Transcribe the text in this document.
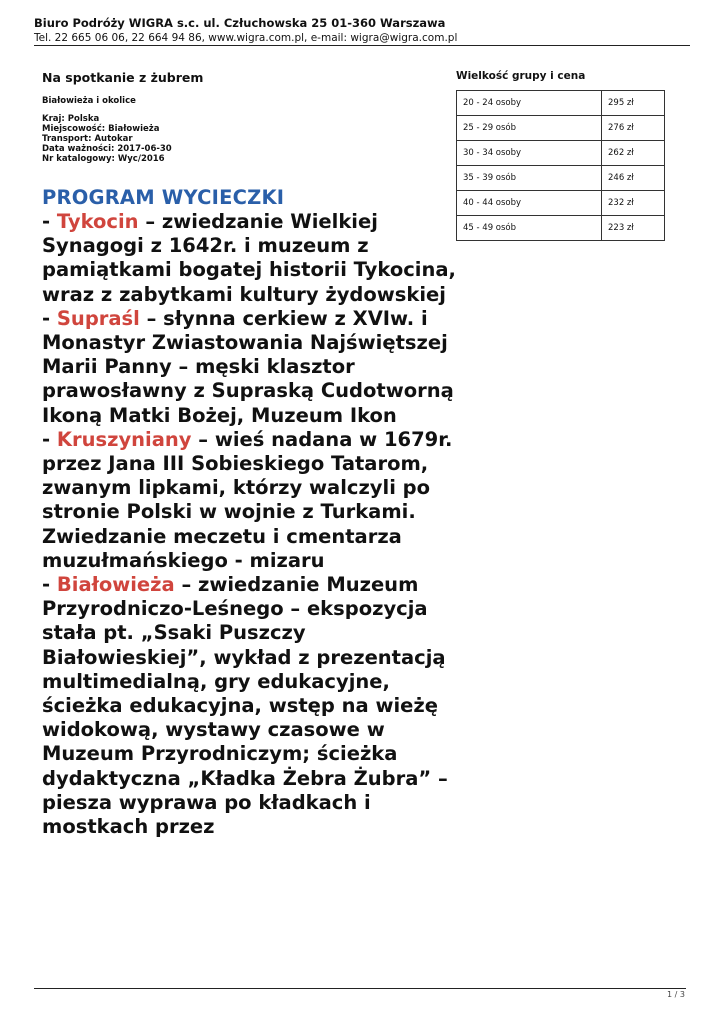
Biuro Podróży WIGRA s.c. ul. Człuchowska 25 01-360 Warszawa
Tel. 22 665 06 06, 22 664 94 86, www.wigra.com.pl, e-mail: wigra@wigra.com.pl
Na spotkanie z żubrem
Białowieża i okolice
Kraj: Polska
Miejscowość: Białowieża
Transport: Autokar
Data ważności: 2017-06-30
Nr katalogowy: Wyc/2016
PROGRAM WYCIECZKI
- Tykocin – zwiedzanie Wielkiej Synagogi z 1642r. i muzeum z pamiątkami bogatej historii Tykocina, wraz z zabytkami kultury żydowskiej
- Supraśl – słynna cerkiew z XVIw. i Monastyr Zwiastowania Najświętszej Marii Panny – męski klasztor prawosławny z Supraską Cudotworną Ikoną Matki Bożej, Muzeum Ikon
- Kruszyniany – wieś nadana w 1679r. przez Jana III Sobieskiego Tatarom, zwanym lipkami, którzy walczyli po stronie Polski w wojnie z Turkami. Zwiedzanie meczetu i cmentarza muzułmańskiego - mizaru
- Białowieża – zwiedzanie Muzeum Przyrodniczo-Leśnego – ekspozycja stała pt. „Ssaki Puszczy Białowieskiej”, wykład z prezentacją multimedialną, gry edukacyjne, ścieżka edukacyjna, wstęp na wieżę widokową, wystawy czasowe w Muzeum Przyrodniczym; ścieżka dydaktyczna „Kładka Żebra Żubra” – piesza wyprawa po kładkach i mostkach przez
Wielkość grupy i cena
20 - 24 osoby	295 zł
25 - 29 osób	276 zł
30 - 34 osoby	262 zł
35 - 39 osób	246 zł
40 - 44 osoby	232 zł
45 - 49 osób	223 zł
1 / 3
